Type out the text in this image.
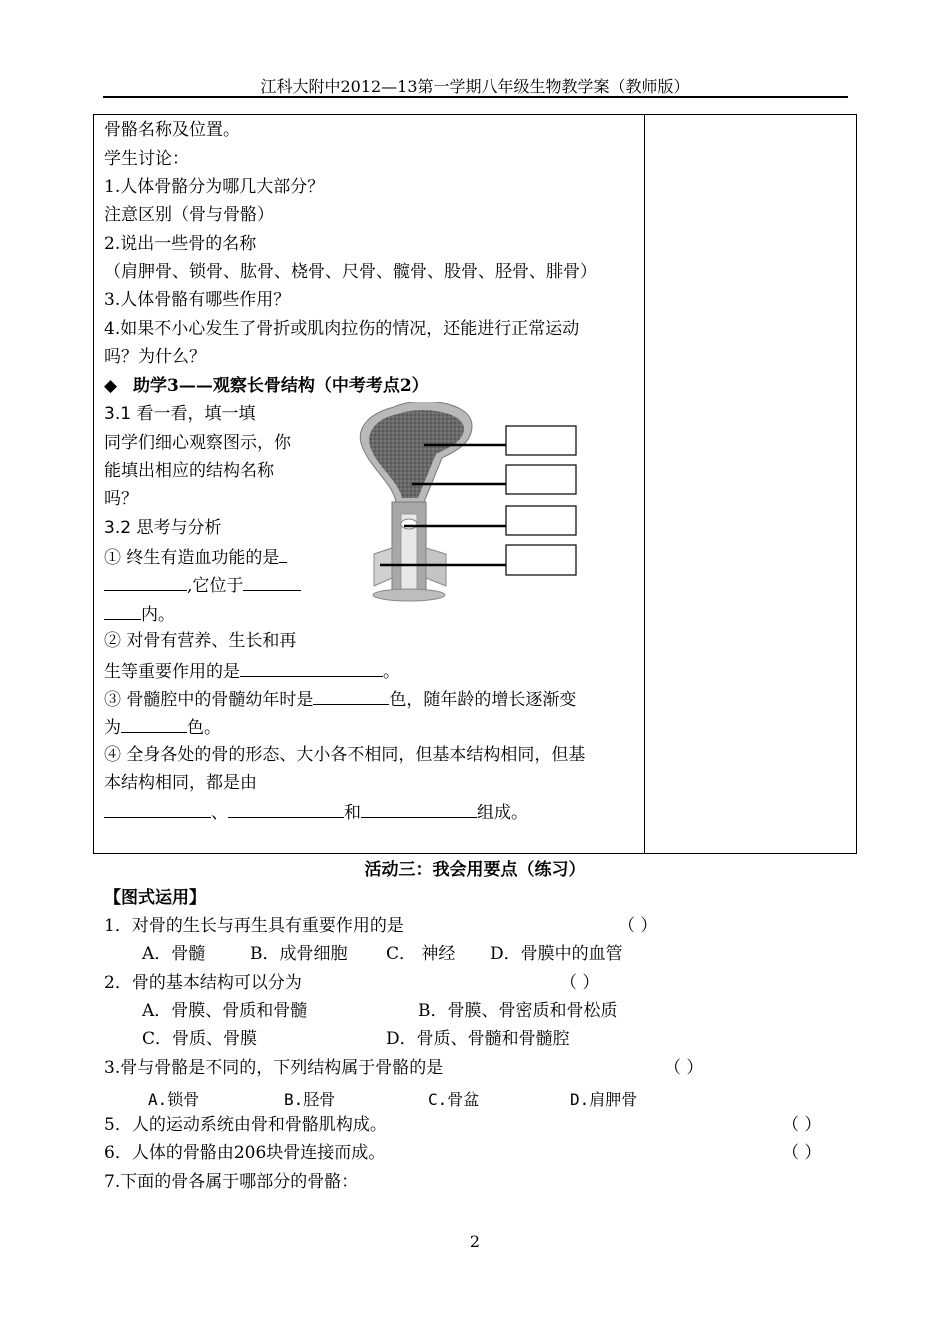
江科大附中2012—13第一学期八年级生物教学案（教师版）
骨骼名称及位置。
学生讨论：
1.人体骨骼分为哪几大部分？
注意区别（骨与骨骼）
2.说出一些骨的名称
（肩胛骨、锁骨、肱骨、桡骨、尺骨、髋骨、股骨、胫骨、腓骨）
3.人体骨骼有哪些作用？
4.如果不小心发生了骨折或肌肉拉伤的情况，还能进行正常运动
吗？为什么？
◆ 助学3——观察长骨结构（中考考点2）
3.1 看一看，填一填
同学们细心观察图示，你
能填出相应的结构名称
吗？
3.2 思考与分析
① 终生有造血功能的是
,它位于
内。
② 对骨有营养、生长和再
生等重要作用的是	。
③ 骨髓腔中的骨髓幼年时是	色，随年龄的增长逐渐变
为	色。
④ 全身各处的骨的形态、大小各不相同，但基本结构相同，但基
本结构相同，都是由
、	和	组成。
活动三：我会用要点（练习）
【图式运用】
1．对骨的生长与再生具有重要作用的是	（ ）
A．骨髓	B．成骨细胞 C． 神经 D．骨膜中的血管
2．骨的基本结构可以分为	（ ）
A．骨膜、骨质和骨髓	B．骨膜、骨密质和骨松质
C．骨质、骨膜	D．骨质、骨髓和骨髓腔
3.骨与骨骼是不同的，下列结构属于骨骼的是	（ ）
A.锁骨	B.胫骨	C.骨盆	D.肩胛骨
5．人的运动系统由骨和骨骼肌构成。	（ ）
6．人体的骨骼由206块骨连接而成。	（ ）
7.下面的骨各属于哪部分的骨骼：
2
